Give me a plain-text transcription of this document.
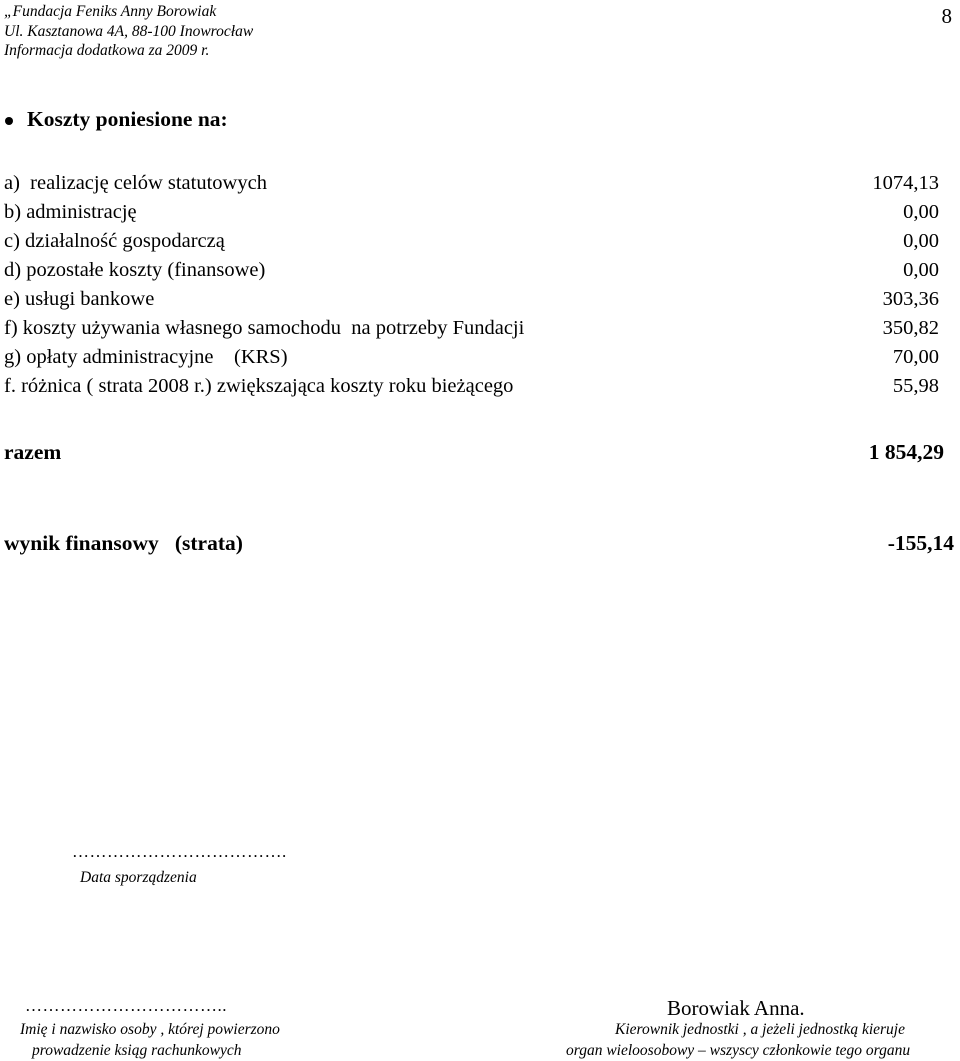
„Fundacja Feniks Anny Borowiak
Ul. Kasztanowa 4A, 88-100 Inowrocław
Informacja dodatkowa za 2009 r.
8
Koszty poniesione na:
a)  realizację celów statutowych	1074,13
b) administrację	0,00
c) działalność gospodarczą	0,00
d) pozostałe koszty (finansowe)	0,00
e) usługi bankowe	303,36
f) koszty używania własnego samochodu  na potrzeby Fundacji	350,82
g) opłaty administracyjne    (KRS)	70,00
f. różnica ( strata 2008 r.) zwiększająca koszty roku bieżącego	55,98
razem	1 854,29
wynik finansowy   (strata)	-155,14
……………………………….
Data sporządzenia
……………………………..
Imię i nazwisko osoby , której powierzono
prowadzenie ksiąg rachunkowych
Borowiak Anna.
Kierownik jednostki , a jeżeli jednostką kieruje
organ wieloosobowy – wszyscy członkowie tego organu
